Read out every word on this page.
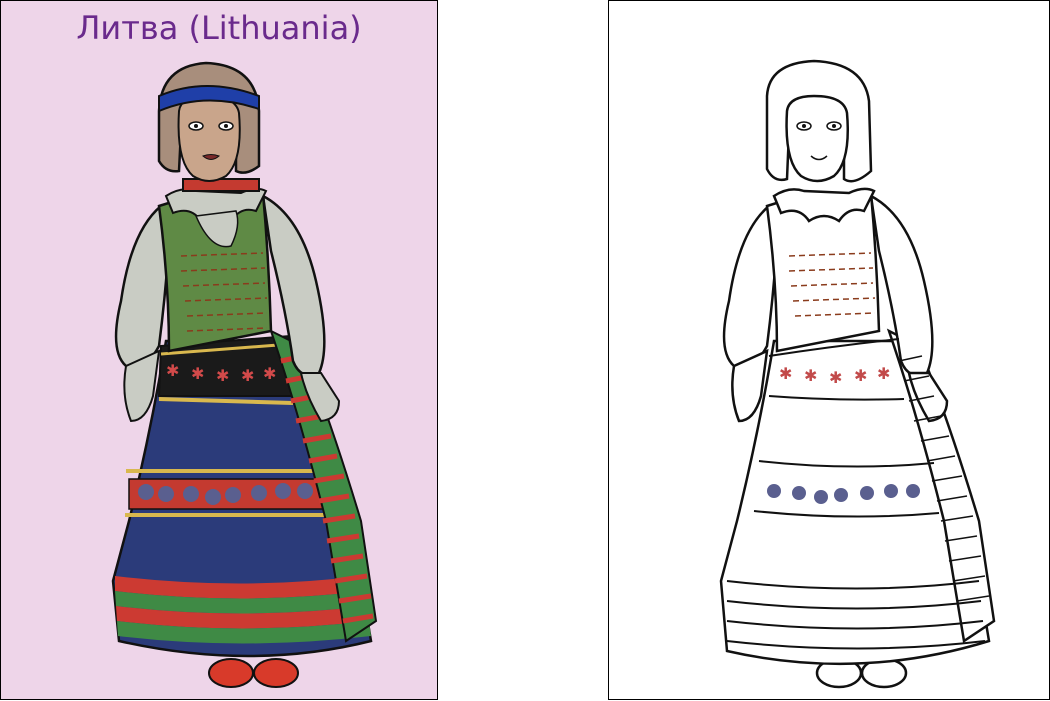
Литва (Lithuania)
✱ ✱ ✱ ✱ ✱	✱ ✱ ✱ ✱ ✱
